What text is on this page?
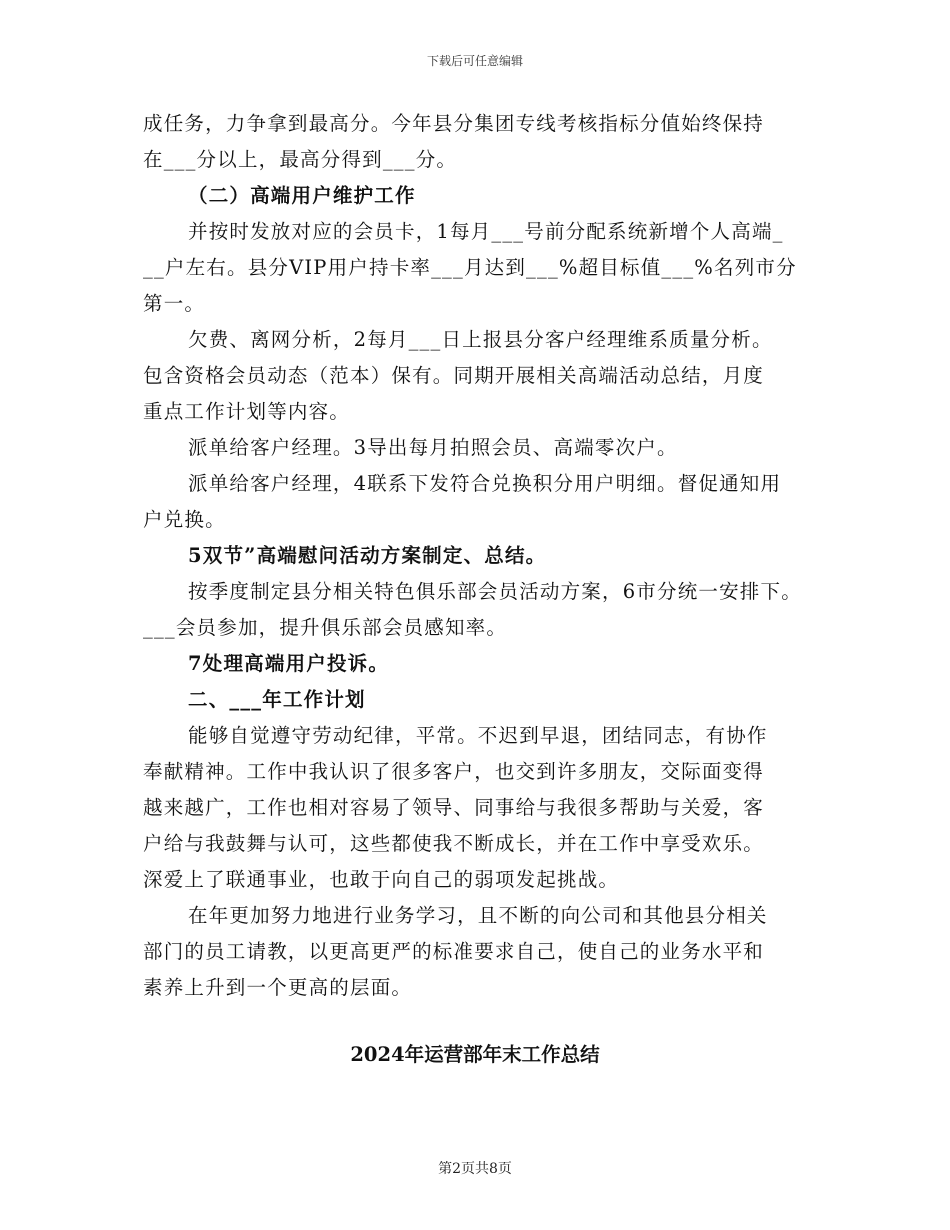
下载后可任意编辑
成任务，力争拿到最高分。今年县分集团专线考核指标分值始终保持
在___分以上，最高分得到___分。
（二）高端用户维护工作
并按时发放对应的会员卡，1每月___号前分配系统新增个人高端_
__户左右。县分VIP用户持卡率___月达到___%超目标值___%名列市分
第一。
欠费、离网分析，2每月___日上报县分客户经理维系质量分析。
包含资格会员动态（范本）保有。同期开展相关高端活动总结，月度
重点工作计划等内容。
派单给客户经理。3导出每月拍照会员、高端零次户。
派单给客户经理，4联系下发符合兑换积分用户明细。督促通知用
户兑换。
5双节”高端慰问活动方案制定、总结。
按季度制定县分相关特色俱乐部会员活动方案，6市分统一安排下。
___会员参加，提升俱乐部会员感知率。
7处理高端用户投诉。
二、___年工作计划
能够自觉遵守劳动纪律，平常。不迟到早退，团结同志，有协作
奉献精神。工作中我认识了很多客户，也交到许多朋友，交际面变得
越来越广，工作也相对容易了领导、同事给与我很多帮助与关爱，客
户给与我鼓舞与认可，这些都使我不断成长，并在工作中享受欢乐。
深爱上了联通事业，也敢于向自己的弱项发起挑战。
在年更加努力地进行业务学习，且不断的向公司和其他县分相关
部门的员工请教，以更高更严的标准要求自己，使自己的业务水平和
素养上升到一个更高的层面。
2024年运营部年末工作总结
第2页共8页
